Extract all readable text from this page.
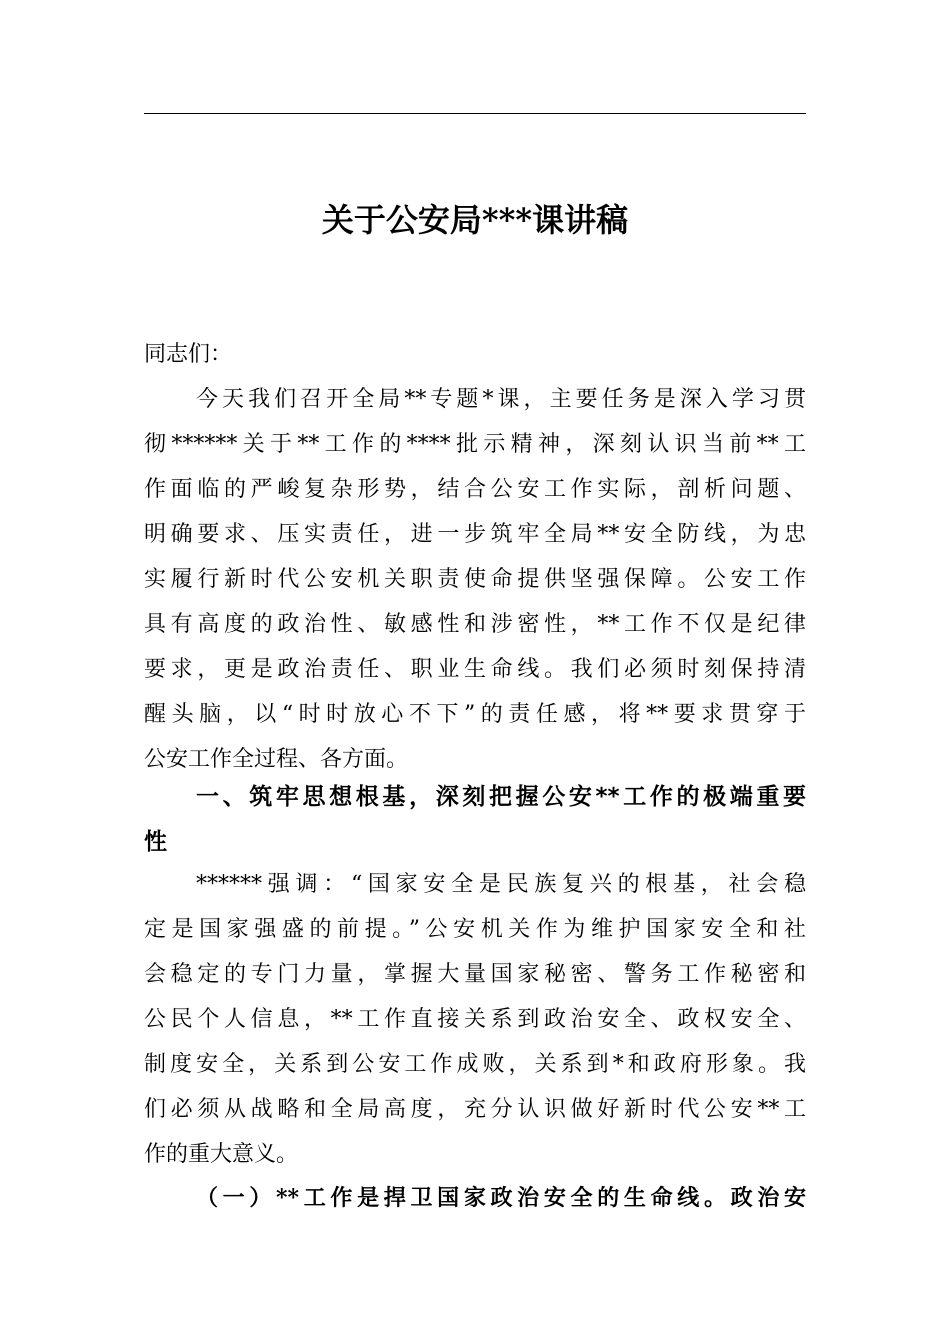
关于公安局***课讲稿
同志们：
今天我们召开全局**专题*课，主要任务是深入学习贯
彻******关于**工作的****批示精神，深刻认识当前**工
作面临的严峻复杂形势，结合公安工作实际，剖析问题、
明确要求、压实责任，进一步筑牢全局**安全防线，为忠
实履行新时代公安机关职责使命提供坚强保障。公安工作
具有高度的政治性、敏感性和涉密性，**工作不仅是纪律
要求，更是政治责任、职业生命线。我们必须时刻保持清
醒头脑，以“时时放心不下”的责任感，将**要求贯穿于
公安工作全过程、各方面。
一、筑牢思想根基，深刻把握公安**工作的极端重要
性
******强调：“国家安全是民族复兴的根基，社会稳
定是国家强盛的前提。”公安机关作为维护国家安全和社
会稳定的专门力量，掌握大量国家秘密、警务工作秘密和
公民个人信息，**工作直接关系到政治安全、政权安全、
制度安全，关系到公安工作成败，关系到*和政府形象。我
们必须从战略和全局高度，充分认识做好新时代公安**工
作的重大意义。
（一）**工作是捍卫国家政治安全的生命线。政治安
